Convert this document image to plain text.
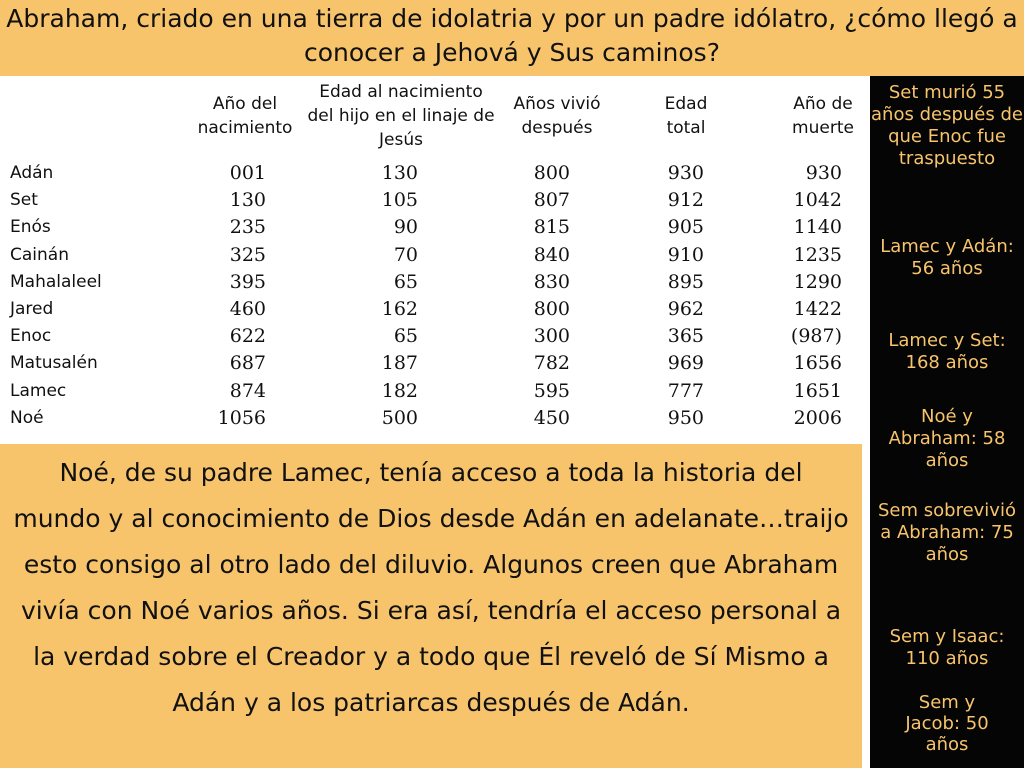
Abraham, criado en una tierra de idolatria y por un padre idólatro, ¿cómo llegó a conocer a Jehová y Sus caminos?
Año del nacimiento
Edad al nacimiento del hijo en el linaje de Jesús
Años vivió después
Edad total
Año de muerte
Adán	001	130	800	930	930
Set	130	105	807	912	1042
Enós	235	90	815	905	1140
Cainán	325	70	840	910	1235
Mahalaleel	395	65	830	895	1290
Jared	460	162	800	962	1422
Enoc	622	65	300	365	(987)
Matusalén	687	187	782	969	1656
Lamec	874	182	595	777	1651
Noé	1056	500	450	950	2006
Set murió 55 años después de que Enoc fue traspuesto
Lamec y Adán: 56 años
Lamec y Set: 168 años
Noé y Abraham: 58 años
Sem sobrevivió a Abraham: 75 años
Sem y Isaac: 110 años
Sem y Jacob: 50 años
Noé, de su padre Lamec, tenía acceso a toda la historia del mundo y al conocimiento de Dios desde Adán en adelanate…traijo esto consigo al otro lado del diluvio. Algunos creen que Abraham vivía con Noé varios años. Si era así, tendría el acceso personal a la verdad sobre el Creador y a todo que Él reveló de Sí Mismo a Adán y a los patriarcas después de Adán.
